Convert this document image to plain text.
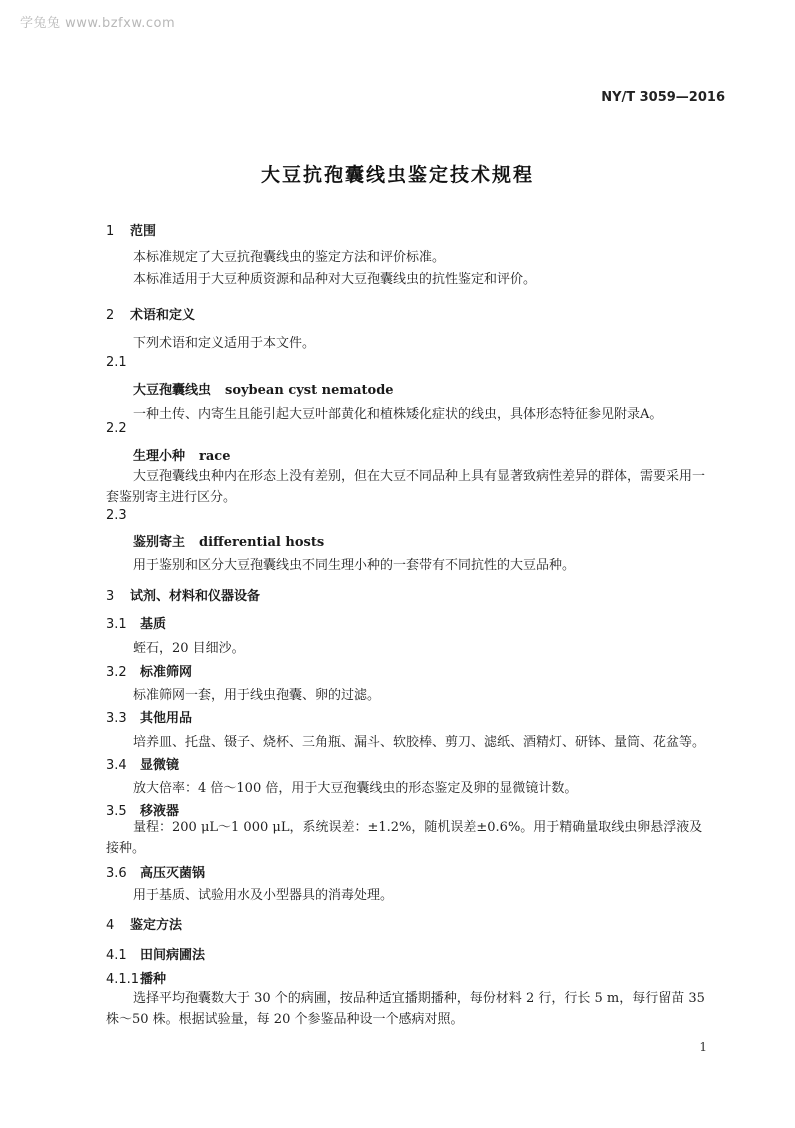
学兔兔 www.bzfxw.com
NY/T 3059—2016
大豆抗孢囊线虫鉴定技术规程
1 范围
本标准规定了大豆抗孢囊线虫的鉴定方法和评价标准。
本标准适用于大豆种质资源和品种对大豆孢囊线虫的抗性鉴定和评价。
2 术语和定义
下列术语和定义适用于本文件。
2.1
大豆孢囊线虫 soybean cyst nematode
一种土传、内寄生且能引起大豆叶部黄化和植株矮化症状的线虫，具体形态特征参见附录A。
2.2
生理小种 race
大豆孢囊线虫种内在形态上没有差别，但在大豆不同品种上具有显著致病性差异的群体，需要采用一套鉴别寄主进行区分。
2.3
鉴别寄主 differential hosts
用于鉴别和区分大豆孢囊线虫不同生理小种的一套带有不同抗性的大豆品种。
3 试剂、材料和仪器设备
3.1 基质
蛭石，20 目细沙。
3.2 标准筛网
标准筛网一套，用于线虫孢囊、卵的过滤。
3.3 其他用品
培养皿、托盘、镊子、烧杯、三角瓶、漏斗、软胶棒、剪刀、滤纸、酒精灯、研钵、量筒、花盆等。
3.4 显微镜
放大倍率：4 倍～100 倍，用于大豆孢囊线虫的形态鉴定及卵的显微镜计数。
3.5 移液器
量程：200 μL～1 000 μL，系统误差：±1.2%，随机误差±0.6%。用于精确量取线虫卵悬浮液及接种。
3.6 高压灭菌锅
用于基质、试验用水及小型器具的消毒处理。
4 鉴定方法
4.1 田间病圃法
4.1.1播种
选择平均孢囊数大于 30 个的病圃，按品种适宜播期播种，每份材料 2 行，行长 5 m，每行留苗 35 株～50 株。根据试验量，每 20 个参鉴品种设一个感病对照。
1
